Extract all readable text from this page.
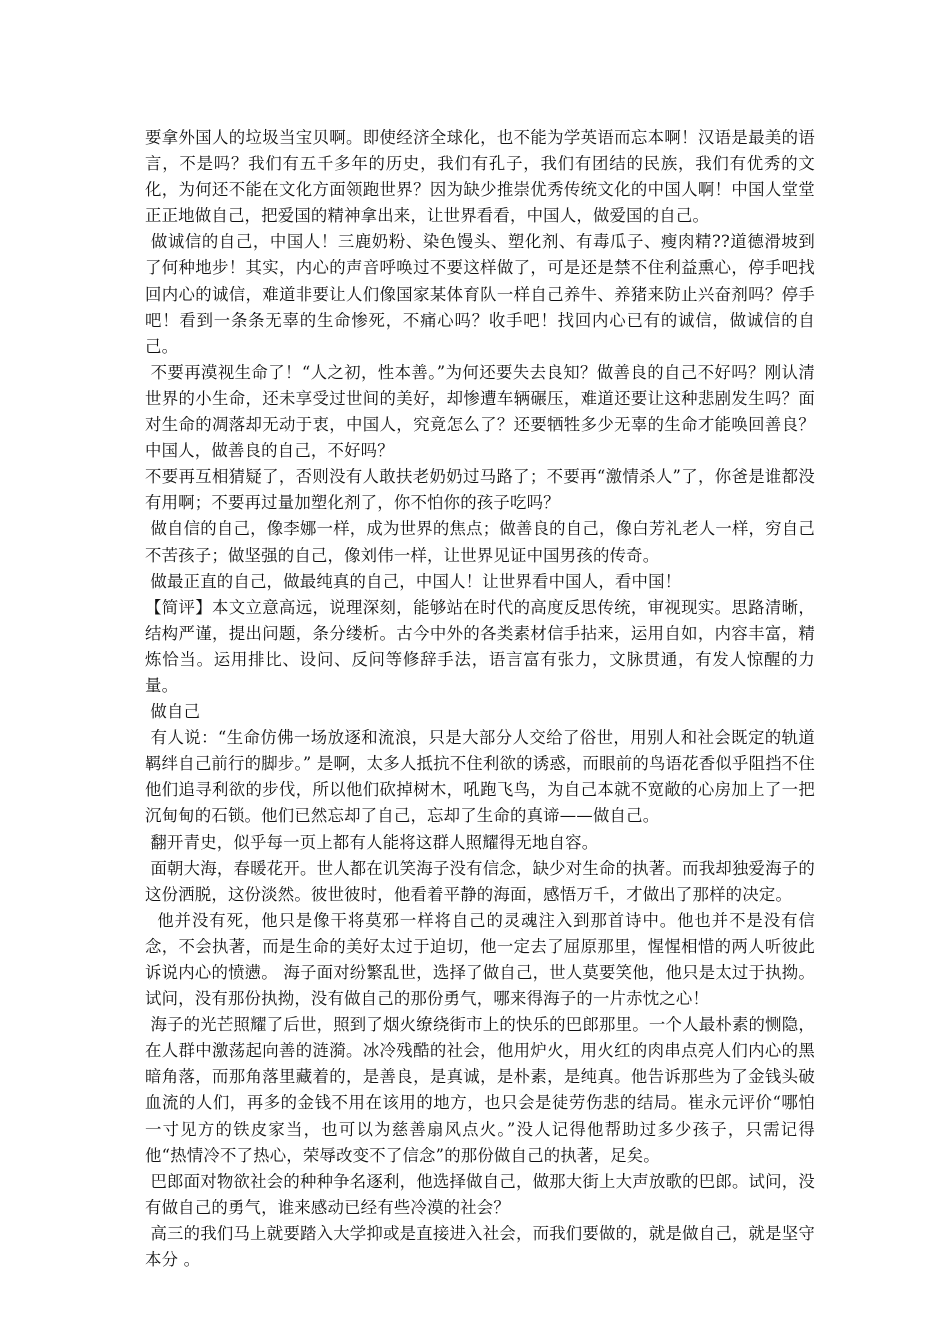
要拿外国人的垃圾当宝贝啊。即使经济全球化，也不能为学英语而忘本啊！汉语是最美的语言，不是吗？我们有五千多年的历史，我们有孔子，我们有团结的民族，我们有优秀的文化，为何还不能在文化方面领跑世界？因为缺少推崇优秀传统文化的中国人啊！中国人堂堂正正地做自己，把爱国的精神拿出来，让世界看看，中国人，做爱国的自己。

做诚信的自己，中国人！三鹿奶粉、染色馒头、塑化剂、有毒瓜子、瘦肉精??道德滑坡到了何种地步！其实，内心的声音呼唤过不要这样做了，可是还是禁不住利益熏心，停手吧找回内心的诚信，难道非要让人们像国家某体育队一样自己养牛、养猪来防止兴奋剂吗？停手吧！看到一条条无辜的生命惨死，不痛心吗？收手吧！找回内心已有的诚信，做诚信的自己。

不要再漠视生命了！“人之初，性本善。”为何还要失去良知？做善良的自己不好吗？刚认清世界的小生命，还未享受过世间的美好，却惨遭车辆碾压，难道还要让这种悲剧发生吗？面对生命的凋落却无动于衷，中国人，究竟怎么了？还要牺牲多少无辜的生命才能唤回善良？中国人，做善良的自己，不好吗？

不要再互相猜疑了，否则没有人敢扶老奶奶过马路了；不要再“激情杀人”了，你爸是谁都没有用啊；不要再过量加塑化剂了，你不怕你的孩子吃吗？

做自信的自己，像李娜一样，成为世界的焦点；做善良的自己，像白芳礼老人一样，穷自己不苦孩子；做坚强的自己，像刘伟一样，让世界见证中国男孩的传奇。

做最正直的自己，做最纯真的自己，中国人！让世界看中国人，看中国！

【简评】本文立意高远，说理深刻，能够站在时代的高度反思传统，审视现实。思路清晰，结构严谨，提出问题，条分缕析。古今中外的各类素材信手拈来，运用自如，内容丰富，精炼恰当。运用排比、设问、反问等修辞手法，语言富有张力，文脉贯通，有发人惊醒的力量。

做自己

有人说：“生命仿佛一场放逐和流浪，只是大部分人交给了俗世，用别人和社会既定的轨道羁绊自己前行的脚步。” 是啊，太多人抵抗不住利欲的诱惑，而眼前的鸟语花香似乎阻挡不住他们追寻利欲的步伐，所以他们砍掉树木，吼跑飞鸟，为自己本就不宽敞的心房加上了一把沉甸甸的石锁。他们已然忘却了自己，忘却了生命的真谛——做自己。

翻开青史，似乎每一页上都有人能将这群人照耀得无地自容。

面朝大海，春暖花开。世人都在讥笑海子没有信念，缺少对生命的执著。而我却独爱海子的这份洒脱，这份淡然。彼世彼时，他看着平静的海面，感悟万千，才做出了那样的决定。

他并没有死，他只是像干将莫邪一样将自己的灵魂注入到那首诗中。他也并不是没有信念，不会执著，而是生命的美好太过于迫切，他一定去了屈原那里，惺惺相惜的两人听彼此诉说内心的愤懑。 海子面对纷繁乱世，选择了做自己，世人莫要笑他，他只是太过于执拗。试问，没有那份执拗，没有做自己的那份勇气，哪来得海子的一片赤忱之心！

海子的光芒照耀了后世，照到了烟火缭绕街市上的快乐的巴郎那里。一个人最朴素的恻隐，在人群中激荡起向善的涟漪。冰冷残酷的社会，他用炉火，用火红的肉串点亮人们内心的黑暗角落，而那角落里藏着的，是善良，是真诚，是朴素，是纯真。他告诉那些为了金钱头破血流的人们，再多的金钱不用在该用的地方，也只会是徒劳伤悲的结局。崔永元评价“哪怕一寸见方的铁皮家当，也可以为慈善扇风点火。”没人记得他帮助过多少孩子，只需记得他“热情冷不了热心，荣辱改变不了信念”的那份做自己的执著，足矣。

巴郎面对物欲社会的种种争名逐利，他选择做自己，做那大街上大声放歌的巴郎。试问，没有做自己的勇气，谁来感动已经有些冷漠的社会？

高三的我们马上就要踏入大学抑或是直接进入社会，而我们要做的，就是做自己，就是坚守本分 。
